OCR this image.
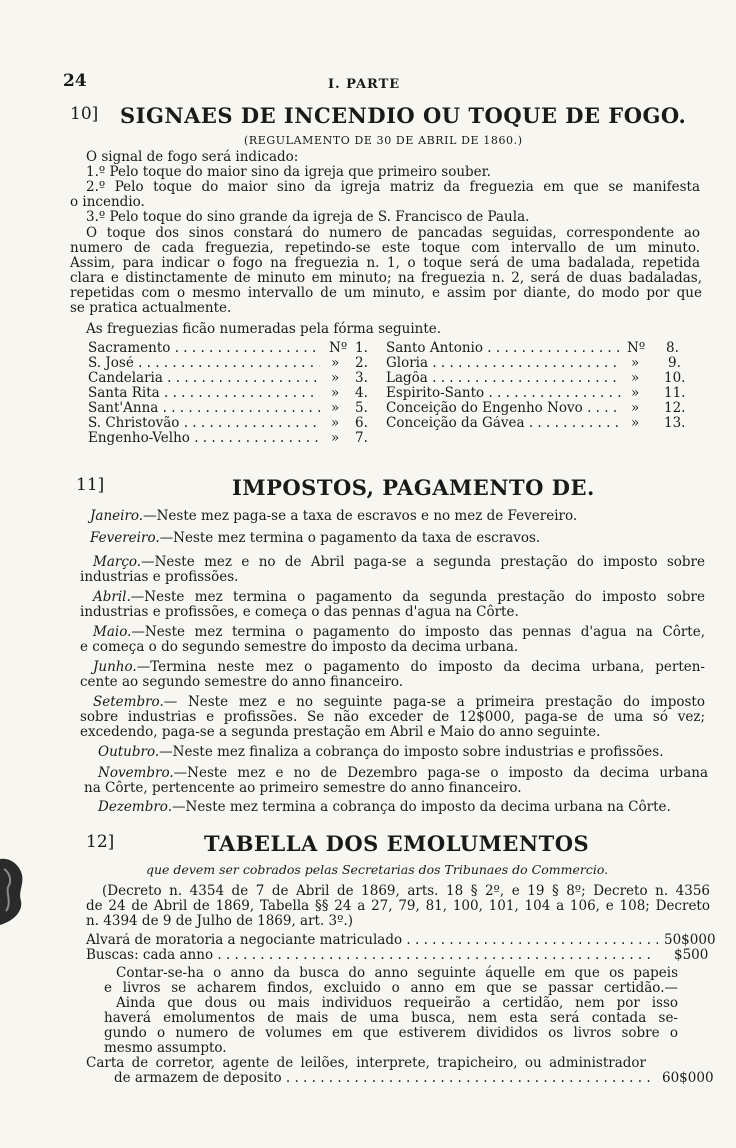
24	I. PARTE
10] SIGNAES DE INCENDIO OU TOQUE DE FOGO.
(REGULAMENTO DE 30 DE ABRIL DE 1860.)
O signal de fogo será indicado:
1.º Pelo toque do maior sino da igreja que primeiro souber.
2.º Pelo toque do maior sino da igreja matriz da freguezia em que se manifesta
o incendio.
3.º Pelo toque do sino grande da igreja de S. Francisco de Paula.
O toque dos sinos constará do numero de pancadas seguidas, correspondente ao
numero de cada freguezia, repetindo-se este toque com intervallo de um minuto.
Assim, para indicar o fogo na freguezia n. 1, o toque será de uma badalada, repetida
clara e distinctamente de minuto em minuto; na freguezia n. 2, será de duas badaladas,
repetidas com o mesmo intervallo de um minuto, e assim por diante, do modo por que
se pratica actualmente.
As freguezias ficão numeradas pela fórma seguinte.
Sacramento . . .	Nº 1.
S. José . . .	» 2.
Candelaria . . .	» 3.
Santa Rita . . .	» 4.
Sant'Anna . . .	» 5.
S. Christovão . . .	» 6.
Engenho-Velho . . .	» 7.
Santo Antonio . . .	Nº 8.
Gloria . . .	» 9.
Lagôa . . .	» 10.
Espirito-Santo . . .	» 11.
Conceição do Engenho Novo . . .	» 12.
Conceição da Gávea . . .	» 13.
11]	IMPOSTOS, PAGAMENTO DE.
Janeiro.—Neste mez paga-se a taxa de escravos e no mez de Fevereiro.
Fevereiro.—Neste mez termina o pagamento da taxa de escravos.
Março.—Neste mez e no de Abril paga-se a segunda prestação do imposto sobre
industrias e profissões.
Abril.—Neste mez termina o pagamento da segunda prestação do imposto sobre
industrias e profissões, e começa o das pennas d'agua na Côrte.
Maio.—Neste mez termina o pagamento do imposto das pennas d'agua na Côrte,
e começa o do segundo semestre do imposto da decima urbana.
Junho.—Termina neste mez o pagamento do imposto da decima urbana, perten-
cente ao segundo semestre do anno financeiro.
Setembro.— Neste mez e no seguinte paga-se a primeira prestação do imposto
sobre industrias e profissões. Se não exceder de 12$000, paga-se de uma só vez;
excedendo, paga-se a segunda prestação em Abril e Maio do anno seguinte.
Outubro.—Neste mez finaliza a cobrança do imposto sobre industrias e profissões.
Novembro.—Neste mez e no de Dezembro paga-se o imposto da decima urbana
na Côrte, pertencente ao primeiro semestre do anno financeiro.
Dezembro.—Neste mez termina a cobrança do imposto da decima urbana na Côrte.
12]	TABELLA DOS EMOLUMENTOS
que devem ser cobrados pelas Secretarias dos Tribunaes do Commercio.
(Decreto n. 4354 de 7 de Abril de 1869, arts. 18 § 2º, e 19 § 8º; Decreto n. 4356
de 24 de Abril de 1869, Tabella §§ 24 a 27, 79, 81, 100, 101, 104 a 106, e 108; Decreto
n. 4394 de 9 de Julho de 1869, art. 3º.)
Alvará de moratoria a negociante matriculado . . .	50$000
Buscas: cada anno . . .	$500
Contar-se-ha o anno da busca do anno seguinte áquelle em que os papeis
e livros se acharem findos, excluido o anno em que se passar certidão.—
Ainda que dous ou mais individuos requeirão a certidão, nem por isso
haverá emolumentos de mais de uma busca, nem esta será contada se-
gundo o numero de volumes em que estiverem divididos os livros sobre o
mesmo assumpto.
Carta de corretor, agente de leilões, interprete, trapicheiro, ou administrador
de armazem de deposito . . .	60$000
